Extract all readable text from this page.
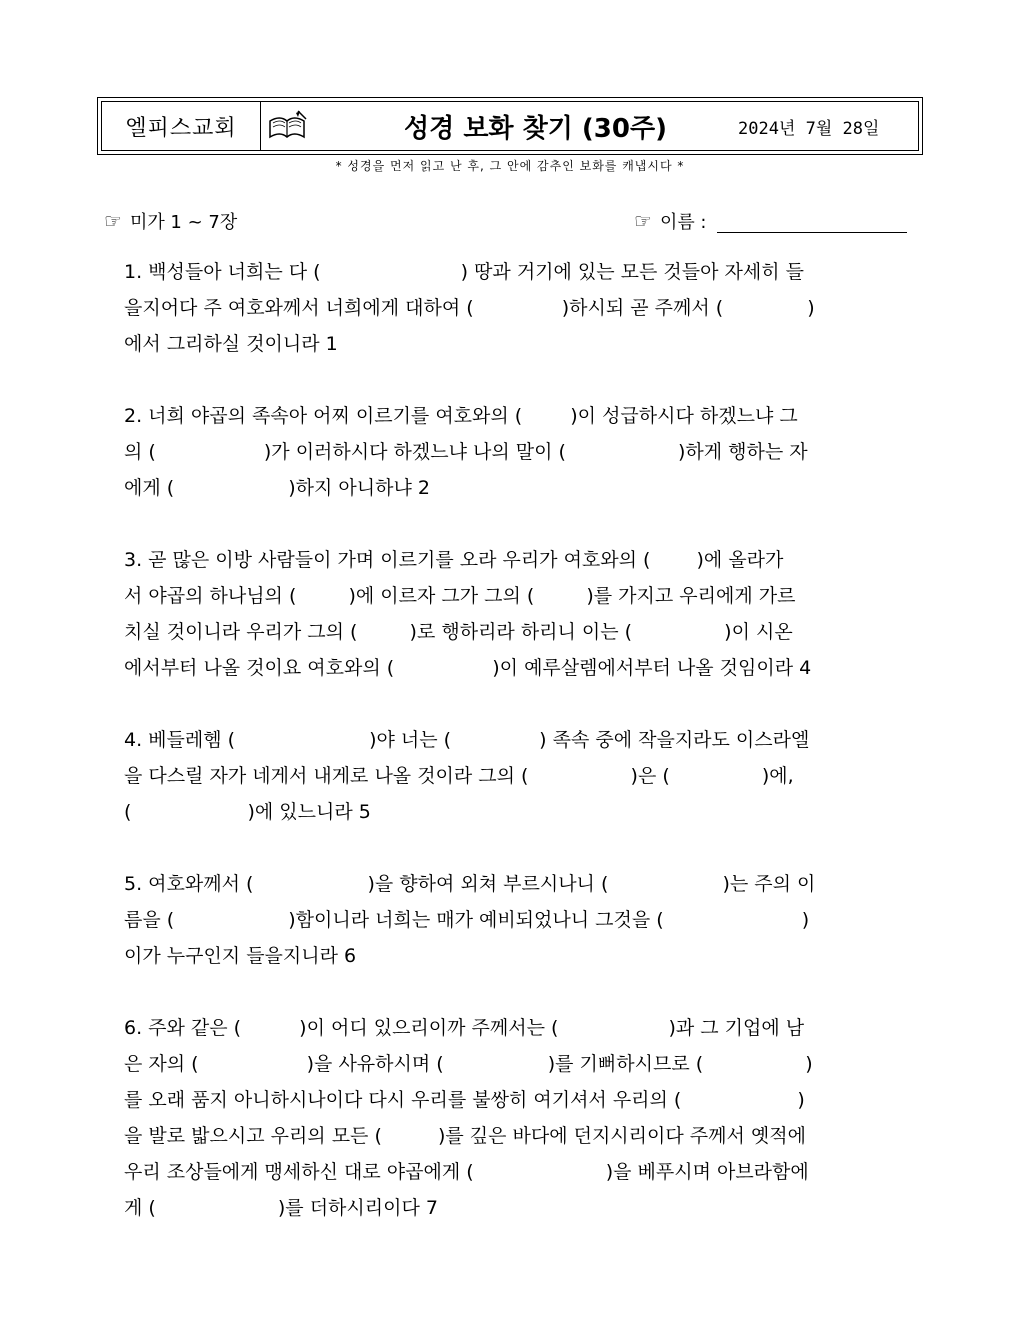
엘피스교회	성경 보화 찾기 (30주)	2024년 7월 28일
* 성경을 먼저 읽고 난 후, 그 안에 감추인 보화를 캐냅시다 *
☞ 미가 1 ~ 7장	☞ 이름 :

1. 백성들아 너희는 다 (	) 땅과 거기에 있는 모든 것들아 자세히 들

을지어다 주 여호와께서 너희에게 대하여 (	)하시되 곧 주께서 (	)

에서 그리하실 것이니라 1

2. 너희 야곱의 족속아 어찌 이르기를 여호와의 (  )이 성급하시다 하겠느냐 그

의 (	)가 이러하시다 하겠느냐 나의 말이 (	)하게 행하는 자

에게 (	)하지 아니하냐 2

3. 곧 많은 이방 사람들이 가며 이르기를 오라 우리가 여호와의 (  )에 올라가

서 야곱의 하나님의 (  )에 이르자 그가 그의 (  )를 가지고 우리에게 가르

치실 것이니라 우리가 그의 (  )로 행하리라 하리니 이는 (	)이 시온

에서부터 나올 것이요 여호와의 (	)이 예루살렘에서부터 나올 것임이라 4

4. 베들레헴 (	)야 너는 (	) 족속 중에 작을지라도 이스라엘

을 다스릴 자가 네게서 내게로 나올 것이라 그의 (	)은 (	)에,

(	)에 있느니라 5

5. 여호와께서 (	)을 향하여 외쳐 부르시나니 (	)는 주의 이

름을 (	)함이니라 너희는 매가 예비되었나니 그것을 (	)

이가 누구인지 들을지니라 6

6. 주와 같은 (  )이 어디 있으리이까 주께서는 (	)과 그 기업에 남

은 자의 (	)을 사유하시며 (	)를 기뻐하시므로 (	)

를 오래 품지 아니하시나이다 다시 우리를 불쌍히 여기셔서 우리의 (	)

을 발로 밟으시고 우리의 모든 (  )를 깊은 바다에 던지시리이다 주께서 옛적에

우리 조상들에게 맹세하신 대로 야곱에게 (	)을 베푸시며 아브라함에

게 (	)를 더하시리이다 7
